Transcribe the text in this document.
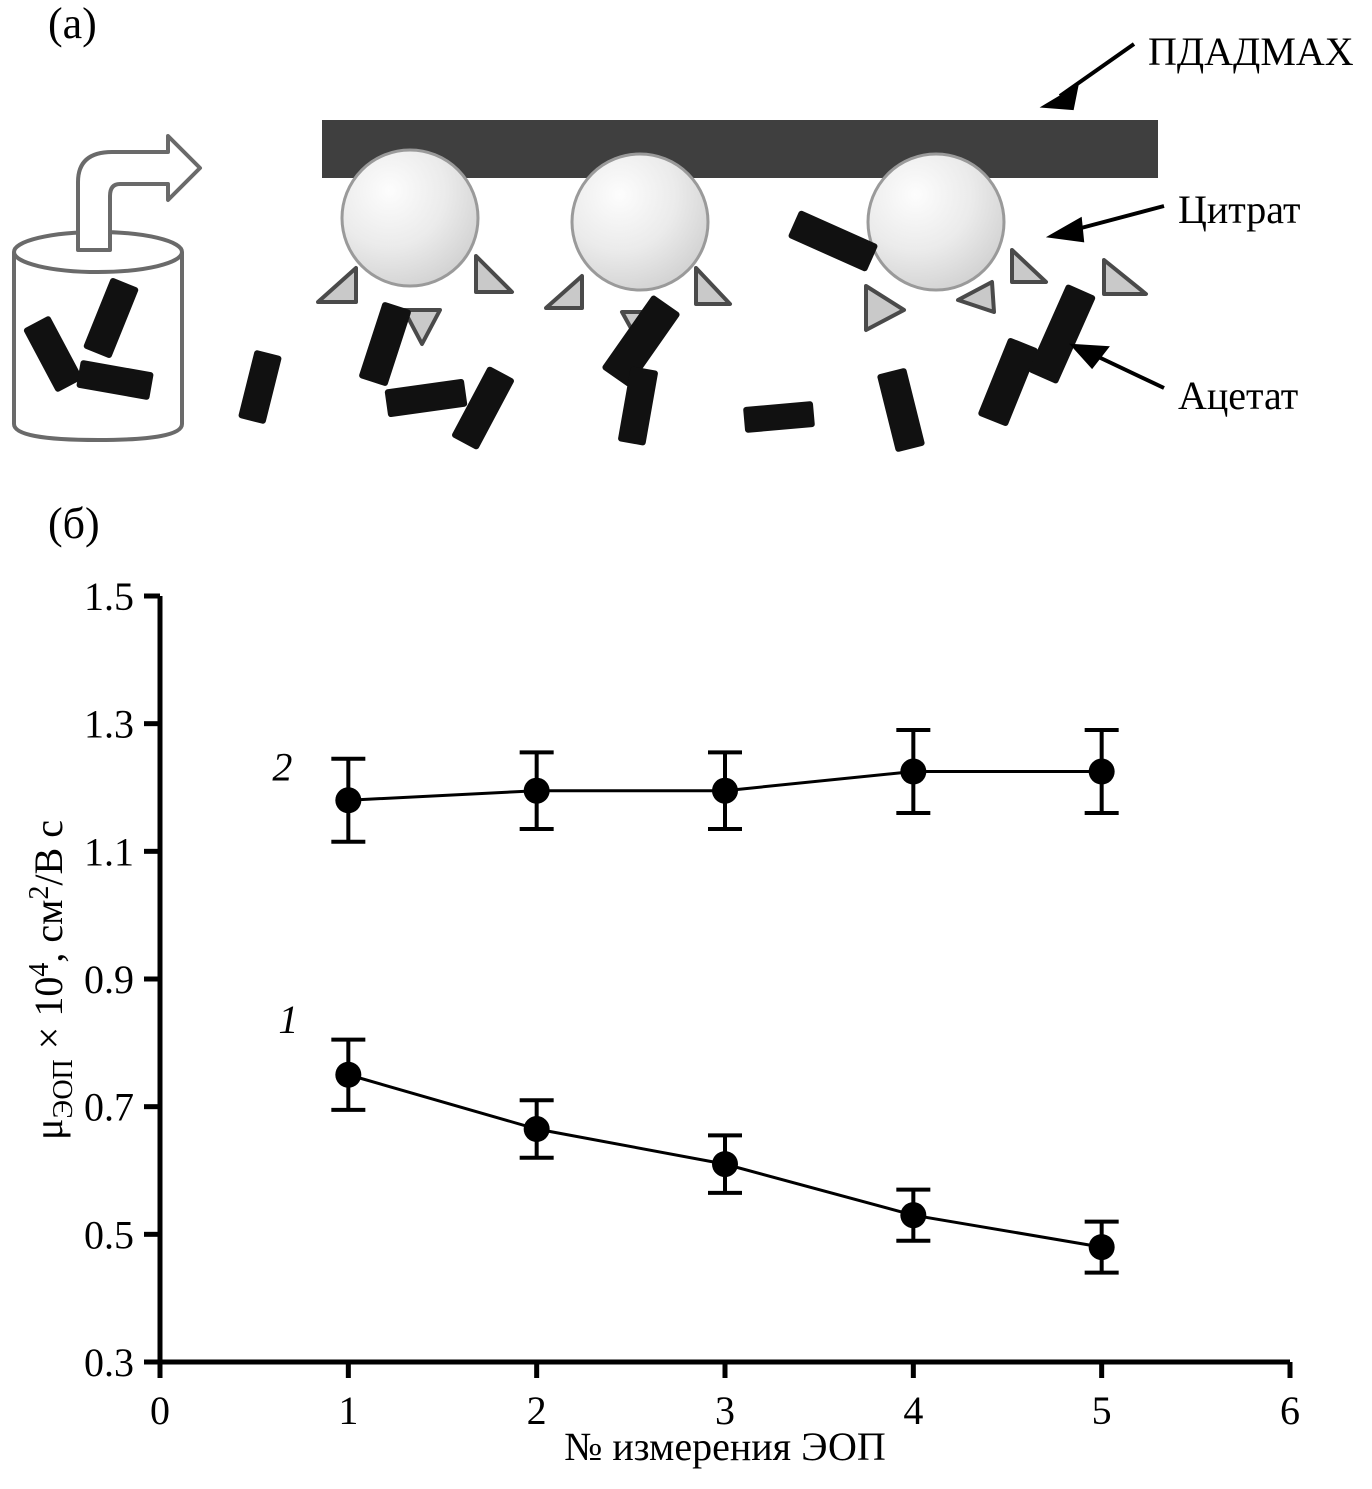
(а)
(б)
ПДАДМАХ
Цитрат
Ацетат
0.3
0.5
0.7
0.9
1.1
1.3
1.5
0	1	2	3	4	5	6
1
2
№ измерения ЭОП
$\mu_{ЭОП} \times 10^4$, $см^2/В$ с
